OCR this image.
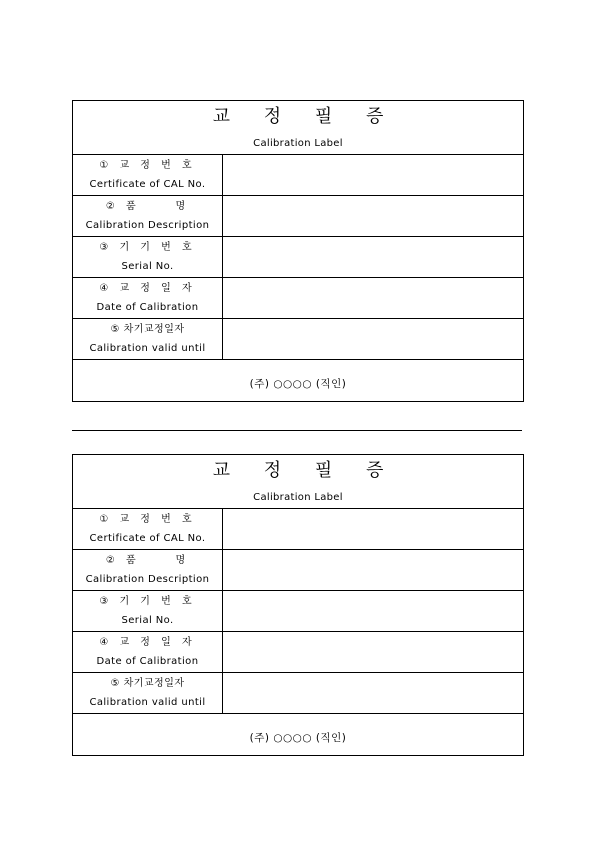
교 정 필 증
Calibration Label
① 교 정 번 호
Certificate of CAL No.
② 품     명
Calibration Description
③ 기 기 번 호
Serial No.
④ 교 정 일 자
Date of Calibration
⑤ 차기교정일자
Calibration valid until
(주) ○○○○ (직인)
교 정 필 증
Calibration Label
① 교 정 번 호
Certificate of CAL No.
② 품     명
Calibration Description
③ 기 기 번 호
Serial No.
④ 교 정 일 자
Date of Calibration
⑤ 차기교정일자
Calibration valid until
(주) ○○○○ (직인)
